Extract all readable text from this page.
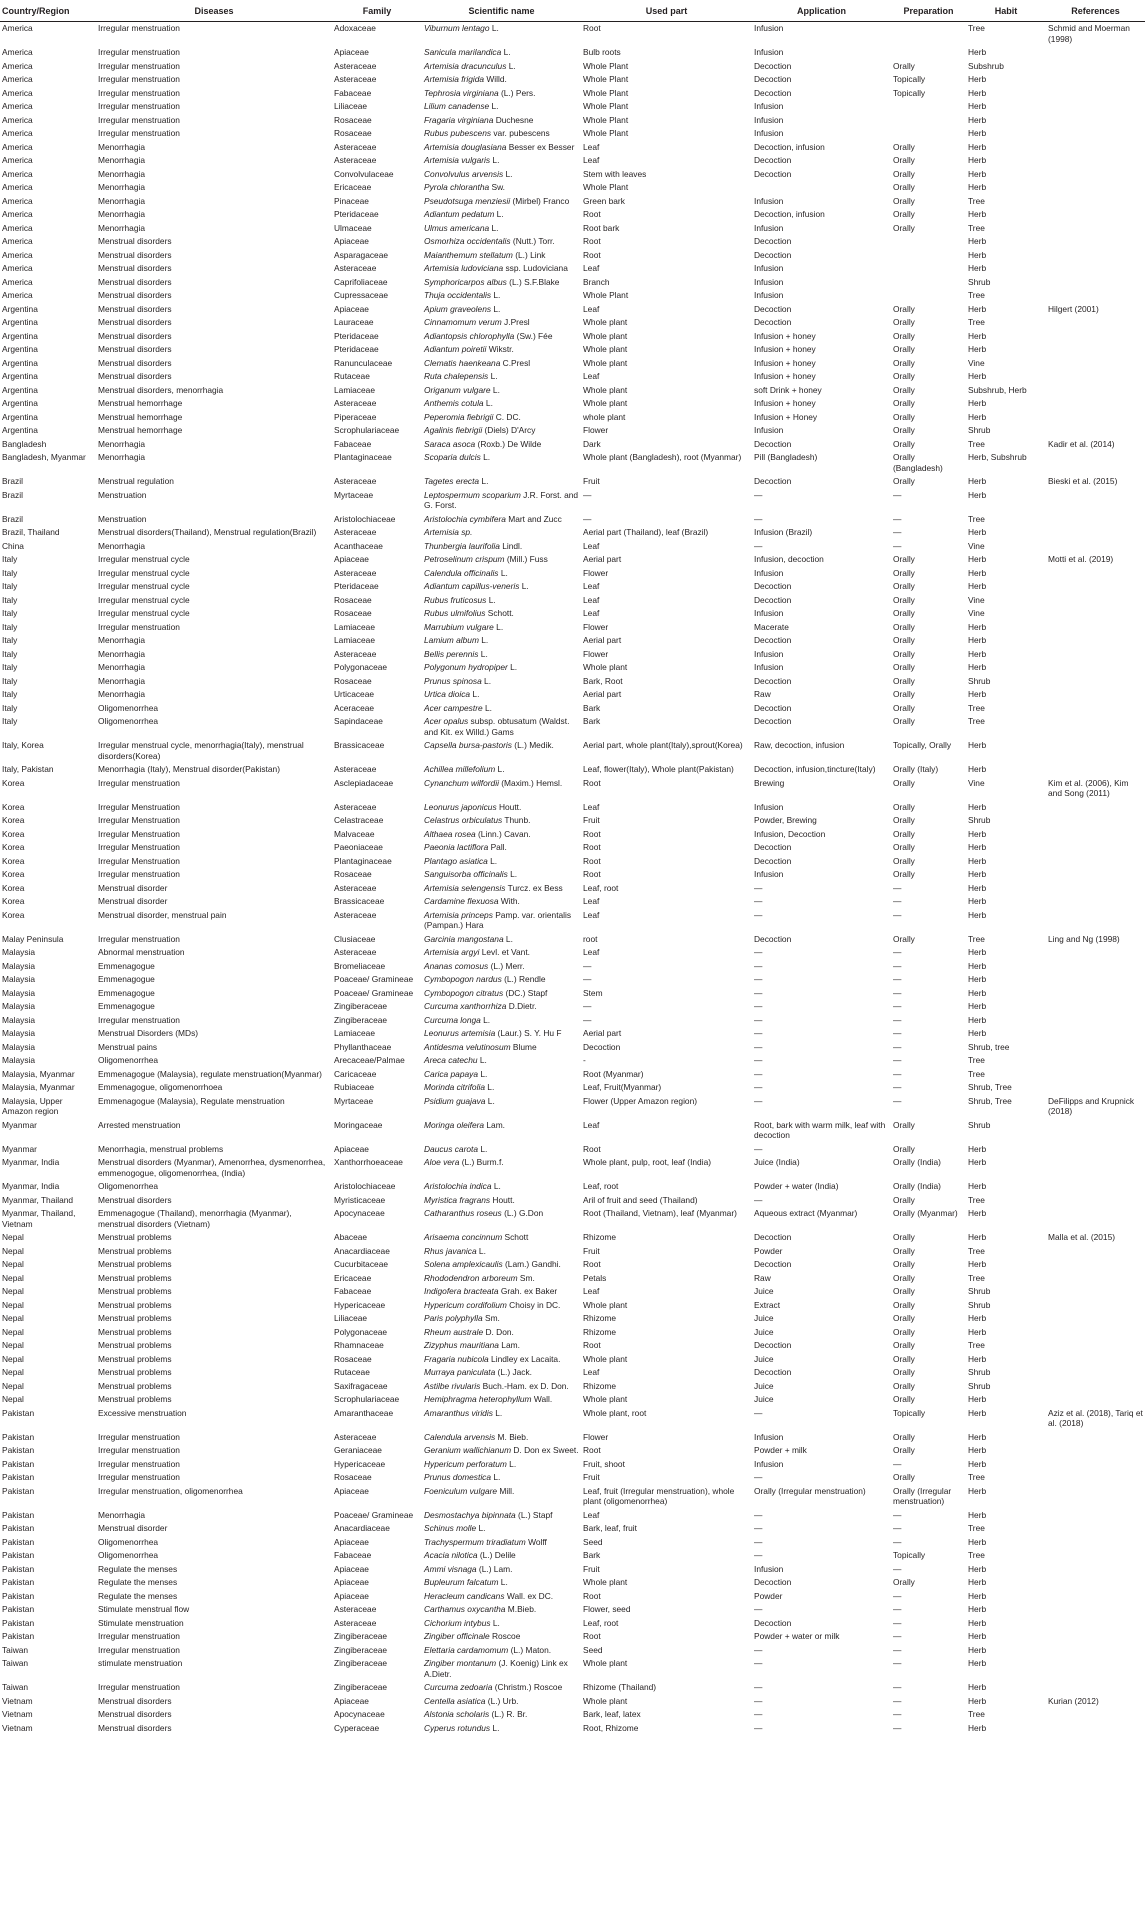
Country/Region	Diseases	Family	Scientific name	Used part	Application	Preparation	Habit	References
America	Irregular menstruation	Adoxaceae	Viburnum lentago L.	Root	Infusion		Tree	Schmid and Moerman (1998)
America	Irregular menstruation	Apiaceae	Sanicula marilandica L.	Bulb roots	Infusion		Herb	
America	Irregular menstruation	Asteraceae	Artemisia dracunculus L.	Whole Plant	Decoction	Orally	Subshrub	
America	Irregular menstruation	Asteraceae	Artemisia frigida Willd.	Whole Plant	Decoction	Topically	Herb	
America	Irregular menstruation	Fabaceae	Tephrosia virginiana (L.) Pers.	Whole Plant	Decoction	Topically	Herb	
America	Irregular menstruation	Liliaceae	Lilium canadense L.	Whole Plant	Infusion		Herb	
America	Irregular menstruation	Rosaceae	Fragaria virginiana Duchesne	Whole Plant	Infusion		Herb	
America	Irregular menstruation	Rosaceae	Rubus pubescens var. pubescens	Whole Plant	Infusion		Herb	
America	Menorrhagia	Asteraceae	Artemisia douglasiana Besser ex Besser	Leaf	Decoction, infusion	Orally	Herb	
America	Menorrhagia	Asteraceae	Artemisia vulgaris L.	Leaf	Decoction	Orally	Herb	
America	Menorrhagia	Convolvulaceae	Convolvulus arvensis L.	Stem with leaves	Decoction	Orally	Herb	
America	Menorrhagia	Ericaceae	Pyrola chlorantha Sw.	Whole Plant		Orally	Herb	
America	Menorrhagia	Pinaceae	Pseudotsuga menziesii (Mirbel) Franco	Green bark	Infusion	Orally	Tree	
America	Menorrhagia	Pteridaceae	Adiantum pedatum L.	Root	Decoction, infusion	Orally	Herb	
America	Menorrhagia	Ulmaceae	Ulmus americana L.	Root bark	Infusion	Orally	Tree	
America	Menstrual disorders	Apiaceae	Osmorhiza occidentalis (Nutt.) Torr.	Root	Decoction		Herb	
America	Menstrual disorders	Asparagaceae	Maianthemum stellatum (L.) Link	Root	Decoction		Herb	
America	Menstrual disorders	Asteraceae	Artemisia ludoviciana ssp. Ludoviciana	Leaf	Infusion		Herb	
America	Menstrual disorders	Caprifoliaceae	Symphoricarpos albus (L.) S.F.Blake	Branch	Infusion		Shrub	
America	Menstrual disorders	Cupressaceae	Thuja occidentalis L.	Whole Plant	Infusion		Tree	
Argentina	Menstrual disorders	Apiaceae	Apium graveolens L.	Leaf	Decoction	Orally	Herb	Hilgert (2001)
Argentina	Menstrual disorders	Lauraceae	Cinnamomum verum J.Presl	Whole plant	Decoction	Orally	Tree	
Argentina	Menstrual disorders	Pteridaceae	Adiantopsis chlorophylla (Sw.) Fée	Whole plant	Infusion + honey	Orally	Herb	
Argentina	Menstrual disorders	Pteridaceae	Adiantum poiretii Wikstr.	Whole plant	Infusion + honey	Orally	Herb	
Argentina	Menstrual disorders	Ranunculaceae	Clematis haenkeana C.Presl	Whole plant	Infusion + honey	Orally	Vine	
Argentina	Menstrual disorders	Rutaceae	Ruta chalepensis L.	Leaf	Infusion + honey	Orally	Herb	
Argentina	Menstrual disorders, menorrhagia	Lamiaceae	Origanum vulgare L.	Whole plant	soft Drink + honey	Orally	Subshrub, Herb	
Argentina	Menstrual hemorrhage	Asteraceae	Anthemis cotula L.	Whole plant	Infusion + honey	Orally	Herb	
Argentina	Menstrual hemorrhage	Piperaceae	Peperomia fiebrigii C. DC.	whole plant	Infusion + Honey	Orally	Herb	
Argentina	Menstrual hemorrhage	Scrophulariaceae	Agalinis fiebrigii (Diels) D'Arcy	Flower	Infusion	Orally	Shrub	
Bangladesh	Menorrhagia	Fabaceae	Saraca asoca (Roxb.) De Wilde	Dark	Decoction	Orally	Tree	Kadir et al. (2014)
Bangladesh, Myanmar	Menorrhagia	Plantaginaceae	Scoparia dulcis L.	Whole plant (Bangladesh), root (Myanmar)	Pill (Bangladesh)	Orally (Bangladesh)	Herb, Subshrub	
Brazil	Menstrual regulation	Asteraceae	Tagetes erecta L.	Fruit	Decoction	Orally	Herb	Bieski et al. (2015)
Brazil	Menstruation	Myrtaceae	Leptospermum scoparium J.R. Forst. and G. Forst.	—	—	—	Herb	
Brazil	Menstruation	Aristolochiaceae	Aristolochia cymbifera Mart and Zucc	—	—	—	Tree	
Brazil, Thailand	Menstrual disorders(Thailand), Menstrual regulation(Brazil)	Asteraceae	Artemisia sp.	Aerial part (Thailand), leaf (Brazil)	Infusion (Brazil)	—	Herb	
China	Menorrhagia	Acanthaceae	Thunbergia laurifolia Lindl.	Leaf	—	—	Vine	
Italy	Irregular menstrual cycle	Apiaceae	Petroselinum crispum (Mill.) Fuss	Aerial part	Infusion, decoction	Orally	Herb	Motti et al. (2019)
Italy	Irregular menstrual cycle	Asteraceae	Calendula officinalis L.	Flower	Infusion	Orally	Herb	
Italy	Irregular menstrual cycle	Pteridaceae	Adiantum capillus-veneris L.	Leaf	Decoction	Orally	Herb	
Italy	Irregular menstrual cycle	Rosaceae	Rubus fruticosus L.	Leaf	Decoction	Orally	Vine	
Italy	Irregular menstrual cycle	Rosaceae	Rubus ulmifolius Schott.	Leaf	Infusion	Orally	Vine	
Italy	Irregular menstruation	Lamiaceae	Marrubium vulgare L.	Flower	Macerate	Orally	Herb	
Italy	Menorrhagia	Lamiaceae	Lamium album L.	Aerial part	Decoction	Orally	Herb	
Italy	Menorrhagia	Asteraceae	Bellis perennis L.	Flower	Infusion	Orally	Herb	
Italy	Menorrhagia	Polygonaceae	Polygonum hydropiper L.	Whole plant	Infusion	Orally	Herb	
Italy	Menorrhagia	Rosaceae	Prunus spinosa L.	Bark, Root	Decoction	Orally	Shrub	
Italy	Menorrhagia	Urticaceae	Urtica dioica L.	Aerial part	Raw	Orally	Herb	
Italy	Oligomenorrhea	Aceraceae	Acer campestre L.	Bark	Decoction	Orally	Tree	
Italy	Oligomenorrhea	Sapindaceae	Acer opalus subsp. obtusatum (Waldst. and Kit. ex Willd.) Gams	Bark	Decoction	Orally	Tree	
Italy, Korea	Irregular menstrual cycle, menorrhagia(Italy), menstrual disorders(Korea)	Brassicaceae	Capsella bursa-pastoris (L.) Medik.	Aerial part, whole plant(Italy),sprout(Korea)	Raw, decoction, infusion	Topically, Orally	Herb	
Italy, Pakistan	Menorrhagia (Italy), Menstrual disorder(Pakistan)	Asteraceae	Achillea millefolium L.	Leaf, flower(Italy), Whole plant(Pakistan)	Decoction, infusion,tincture(Italy)	Orally (Italy)	Herb	
Korea	Irregular menstruation	Asclepiadaceae	Cynanchum wilfordii (Maxim.) Hemsl.	Root	Brewing	Orally	Vine	Kim et al. (2006), Kim and Song (2011)
Korea	Irregular Menstruation	Asteraceae	Leonurus japonicus Houtt.	Leaf	Infusion	Orally	Herb	
Korea	Irregular Menstruation	Celastraceae	Celastrus orbiculatus Thunb.	Fruit	Powder, Brewing	Orally	Shrub	
Korea	Irregular Menstruation	Malvaceae	Althaea rosea (Linn.) Cavan.	Root	Infusion, Decoction	Orally	Herb	
Korea	Irregular Menstruation	Paeoniaceae	Paeonia lactiflora Pall.	Root	Decoction	Orally	Herb	
Korea	Irregular Menstruation	Plantaginaceae	Plantago asiatica L.	Root	Decoction	Orally	Herb	
Korea	Irregular menstruation	Rosaceae	Sanguisorba officinalis L.	Root	Infusion	Orally	Herb	
Korea	Menstrual disorder	Asteraceae	Artemisia selengensis Turcz. ex Bess	Leaf, root	—	—	Herb	
Korea	Menstrual disorder	Brassicaceae	Cardamine flexuosa With.	Leaf	—	—	Herb	
Korea	Menstrual disorder, menstrual pain	Asteraceae	Artemisia princeps Pamp. var. orientalis (Pampan.) Hara	Leaf	—	—	Herb	
Malay Peninsula	Irregular menstruation	Clusiaceae	Garcinia mangostana L.	root	Decoction	Orally	Tree	Ling and Ng (1998)
Malaysia	Abnormal menstruation	Asteraceae	Artemisia argyi Levl. et Vant.	Leaf	—	—	Herb	
Malaysia	Emmenagogue	Bromeliaceae	Ananas comosus (L.) Merr.	—	—	—	Herb	
Malaysia	Emmenagogue	Poaceae/ Gramineae	Cymbopogon nardus (L.) Rendle	—	—	—	Herb	
Malaysia	Emmenagogue	Poaceae/ Gramineae	Cymbopogon citratus (DC.) Stapf	Stem	—	—	Herb	
Malaysia	Emmenagogue	Zingiberaceae	Curcuma xanthorrhiza D.Dietr.	—	—	—	Herb	
Malaysia	Irregular menstruation	Zingiberaceae	Curcuma longa L.	—	—	—	Herb	
Malaysia	Menstrual Disorders (MDs)	Lamiaceae	Leonurus artemisia (Laur.) S. Y. Hu F	Aerial part	—	—	Herb	
Malaysia	Menstrual pains	Phyllanthaceae	Antidesma velutinosum Blume	Decoction	—	—	Shrub, tree	
Malaysia	Oligomenorrhea	Arecaceae/Palmae	Areca catechu L.	-	—	—	Tree	
Malaysia, Myanmar	Emmenagogue (Malaysia), regulate menstruation(Myanmar)	Caricaceae	Carica papaya L.	Root (Myanmar)	—	—	Tree	
Malaysia, Myanmar	Emmenagogue, oligomenorrhoea	Rubiaceae	Morinda citrifolia L.	Leaf, Fruit(Myanmar)	—	—	Shrub, Tree	
Malaysia, Upper Amazon region	Emmenagogue (Malaysia), Regulate menstruation	Myrtaceae	Psidium guajava L.	Flower (Upper Amazon region)	—	—	Shrub, Tree	DeFilipps and Krupnick (2018)
Myanmar	Arrested menstruation	Moringaceae	Moringa oleifera Lam.	Leaf	Root, bark with warm milk, leaf with decoction	Orally	Shrub	
Myanmar	Menorrhagia, menstrual problems	Apiaceae	Daucus carota L.	Root	—	Orally	Herb	
Myanmar, India	Menstrual disorders (Myanmar), Amenorrhea, dysmenorrhea, emmenogogue, oligomenorrhea, (India)	Xanthorrhoeaceae	Aloe vera (L.) Burm.f.	Whole plant, pulp, root, leaf (India)	Juice (India)	Orally (India)	Herb	
Myanmar, India	Oligomenorrhea	Aristolochiaceae	Aristolochia indica L.	Leaf, root	Powder + water (India)	Orally (India)	Herb	
Myanmar, Thailand	Menstrual disorders	Myristicaceae	Myristica fragrans Houtt.	Aril of fruit and seed (Thailand)	—	Orally	Tree	
Myanmar, Thailand, Vietnam	Emmenagogue (Thailand), menorrhagia (Myanmar), menstrual disorders (Vietnam)	Apocynaceae	Catharanthus roseus (L.) G.Don	Root (Thailand, Vietnam), leaf (Myanmar)	Aqueous extract (Myanmar)	Orally (Myanmar)	Herb	
Nepal	Menstrual problems	Abaceae	Arisaema concinnum Schott	Rhizome	Decoction	Orally	Herb	Malla et al. (2015)
Nepal	Menstrual problems	Anacardiaceae	Rhus javanica L.	Fruit	Powder	Orally	Tree	
Nepal	Menstrual problems	Cucurbitaceae	Solena amplexicaulis (Lam.) Gandhi.	Root	Decoction	Orally	Herb	
Nepal	Menstrual problems	Ericaceae	Rhododendron arboreum Sm.	Petals	Raw	Orally	Tree	
Nepal	Menstrual problems	Fabaceae	Indigofera bracteata Grah. ex Baker	Leaf	Juice	Orally	Shrub	
Nepal	Menstrual problems	Hypericaceae	Hypericum cordifolium Choisy in DC.	Whole plant	Extract	Orally	Shrub	
Nepal	Menstrual problems	Liliaceae	Paris polyphylla Sm.	Rhizome	Juice	Orally	Herb	
Nepal	Menstrual problems	Polygonaceae	Rheum australe D. Don.	Rhizome	Juice	Orally	Herb	
Nepal	Menstrual problems	Rhamnaceae	Zizyphus mauritiana Lam.	Root	Decoction	Orally	Tree	
Nepal	Menstrual problems	Rosaceae	Fragaria nubicola Lindley ex Lacaita.	Whole plant	Juice	Orally	Herb	
Nepal	Menstrual problems	Rutaceae	Murraya paniculata (L.) Jack.	Leaf	Decoction	Orally	Shrub	
Nepal	Menstrual problems	Saxifragaceae	Astilbe rivularis Buch.-Ham. ex D. Don.	Rhizome	Juice	Orally	Shrub	
Nepal	Menstrual problems	Scrophulariaceae	Hemiphragma heterophyllum Wall.	Whole plant	Juice	Orally	Herb	
Pakistan	Excessive menstruation	Amaranthaceae	Amaranthus viridis L.	Whole plant, root	—	Topically	Herb	Aziz et al. (2018), Tariq et al. (2018)
Pakistan	Irregular menstruation	Asteraceae	Calendula arvensis M. Bieb.	Flower	Infusion	Orally	Herb	
Pakistan	Irregular menstruation	Geraniaceae	Geranium wallichianum D. Don ex Sweet.	Root	Powder + milk	Orally	Herb	
Pakistan	Irregular menstruation	Hypericaceae	Hypericum perforatum L.	Fruit, shoot	Infusion	—	Herb	
Pakistan	Irregular menstruation	Rosaceae	Prunus domestica L.	Fruit	—	Orally	Tree	
Pakistan	Irregular menstruation, oligomenorrhea	Apiaceae	Foeniculum vulgare Mill.	Leaf, fruit (Irregular menstruation), whole plant (oligomenorrhea)	Orally (Irregular menstruation)	Orally (Irregular menstruation)	Herb	
Pakistan	Menorrhagia	Poaceae/ Gramineae	Desmostachya bipinnata (L.) Stapf	Leaf	—	—	Herb	
Pakistan	Menstrual disorder	Anacardiaceae	Schinus molle L.	Bark, leaf, fruit	—	—	Tree	
Pakistan	Oligomenorrhea	Apiaceae	Trachyspermum triradiatum Wolff	Seed	—	—	Herb	
Pakistan	Oligomenorrhea	Fabaceae	Acacia nilotica (L.) Delile	Bark	—	Topically	Tree	
Pakistan	Regulate the menses	Apiaceae	Ammi visnaga (L.) Lam.	Fruit	Infusion	—	Herb	
Pakistan	Regulate the menses	Apiaceae	Bupleurum falcatum L.	Whole plant	Decoction	Orally	Herb	
Pakistan	Regulate the menses	Apiaceae	Heracleum candicans Wall. ex DC.	Root	Powder	—	Herb	
Pakistan	Stimulate menstrual flow	Asteraceae	Carthamus oxycantha M.Bieb.	Flower, seed	—	—	Herb	
Pakistan	Stimulate menstruation	Asteraceae	Cichorium intybus L.	Leaf, root	Decoction	—	Herb	
Pakistan	Irregular menstruation	Zingiberaceae	Zingiber officinale Roscoe	Root	Powder + water or milk	—	Herb	
Taiwan	Irregular menstruation	Zingiberaceae	Elettaria cardamomum (L.) Maton.	Seed	—	—	Herb	
Taiwan	stimulate menstruation	Zingiberaceae	Zingiber montanum (J. Koenig) Link ex A.Dietr.	Whole plant	—	—	Herb	
Taiwan	Irregular menstruation	Zingiberaceae	Curcuma zedoaria (Christm.) Roscoe	Rhizome (Thailand)	—	—	Herb	
Vietnam	Menstrual disorders	Apiaceae	Centella asiatica (L.) Urb.	Whole plant	—	—	Herb	Kurian (2012)
Vietnam	Menstrual disorders	Apocynaceae	Alstonia scholaris (L.) R. Br.	Bark, leaf, latex	—	—	Tree	
Vietnam	Menstrual disorders	Cyperaceae	Cyperus rotundus L.	Root, Rhizome	—	—	Herb	
